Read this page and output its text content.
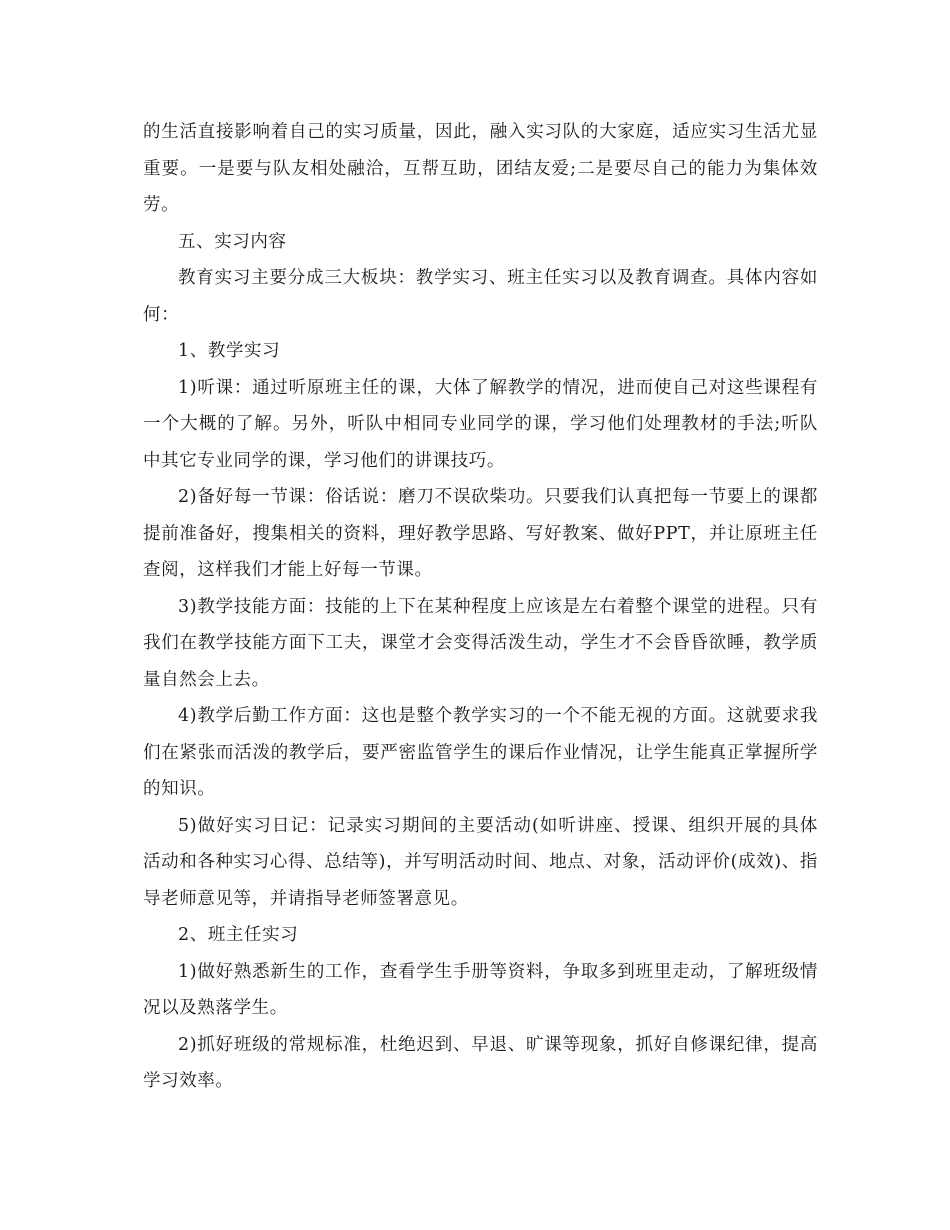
的生活直接影响着自己的实习质量，因此，融入实习队的大家庭，适应实习生活尤显重要。一是要与队友相处融洽，互帮互助，团结友爱;二是要尽自己的能力为集体效劳。

五、实习内容

教育实习主要分成三大板块：教学实习、班主任实习以及教育调查。具体内容如何：

1、教学实习

1)听课：通过听原班主任的课，大体了解教学的情况，进而使自己对这些课程有一个大概的了解。另外，听队中相同专业同学的课，学习他们处理教材的手法;听队中其它专业同学的课，学习他们的讲课技巧。

2)备好每一节课：俗话说：磨刀不误砍柴功。只要我们认真把每一节要上的课都提前准备好，搜集相关的资料，理好教学思路、写好教案、做好PPT，并让原班主任查阅，这样我们才能上好每一节课。

3)教学技能方面：技能的上下在某种程度上应该是左右着整个课堂的进程。只有我们在教学技能方面下工夫，课堂才会变得活泼生动，学生才不会昏昏欲睡，教学质量自然会上去。

4)教学后勤工作方面：这也是整个教学实习的一个不能无视的方面。这就要求我们在紧张而活泼的教学后，要严密监管学生的课后作业情况，让学生能真正掌握所学的知识。

5)做好实习日记：记录实习期间的主要活动(如听讲座、授课、组织开展的具体活动和各种实习心得、总结等)，并写明活动时间、地点、对象，活动评价(成效)、指导老师意见等，并请指导老师签署意见。

2、班主任实习

1)做好熟悉新生的工作，查看学生手册等资料，争取多到班里走动，了解班级情况以及熟落学生。

2)抓好班级的常规标准，杜绝迟到、早退、旷课等现象，抓好自修课纪律，提高学习效率。
